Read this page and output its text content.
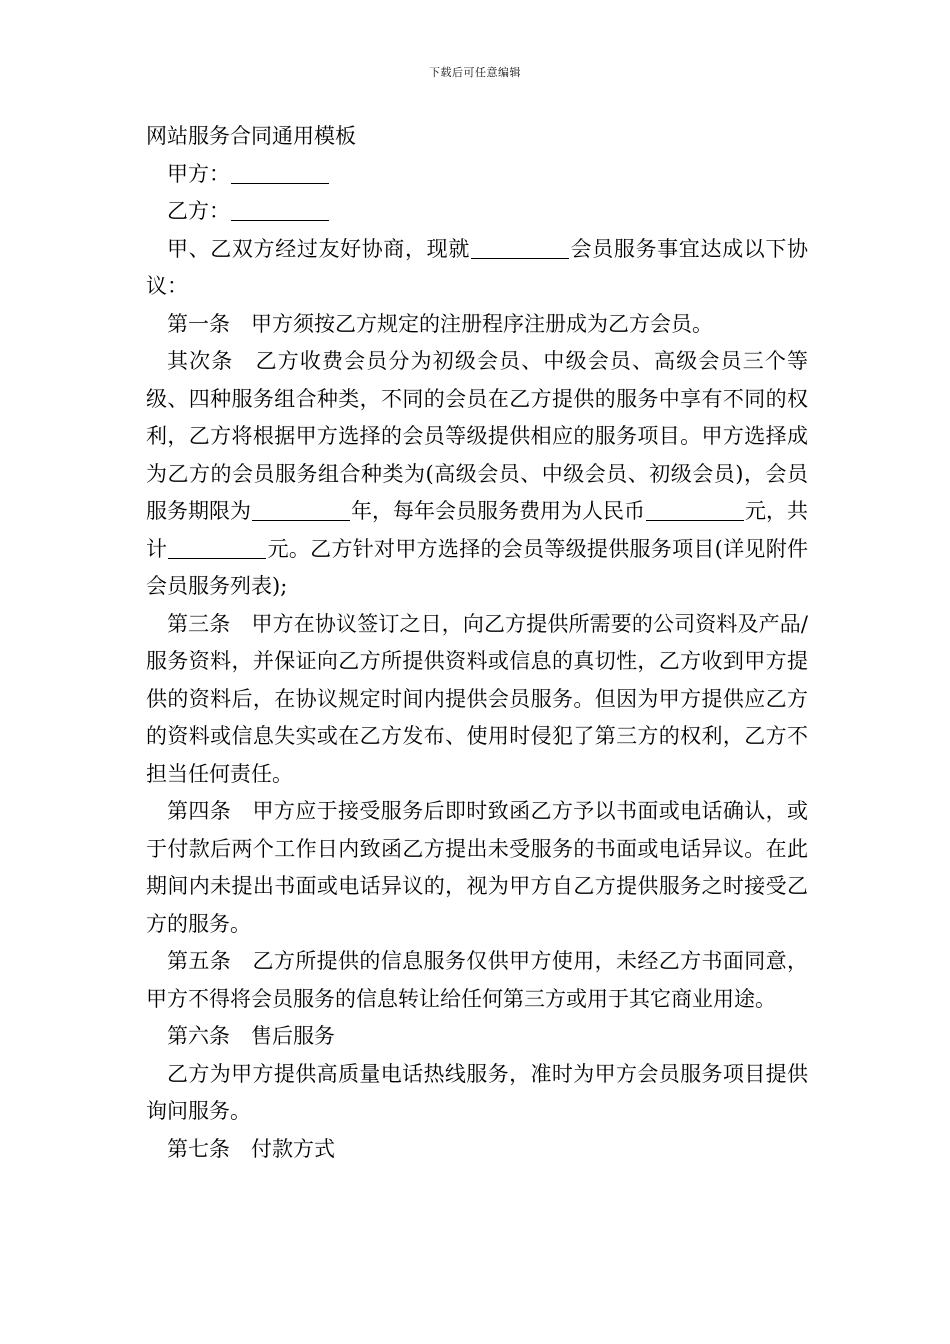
下载后可任意编辑

网站服务合同通用模板

甲方：

乙方：

甲、乙双方经过友好协商，现就	会员服务事宜达成以下协议：

第一条 甲方须按乙方规定的注册程序注册成为乙方会员。

其次条 乙方收费会员分为初级会员、中级会员、高级会员三个等级、四种服务组合种类，不同的会员在乙方提供的服务中享有不同的权利，乙方将根据甲方选择的会员等级提供相应的服务项目。甲方选择成为乙方的会员服务组合种类为(高级会员、中级会员、初级会员)，会员服务期限为	年，每年会员服务费用为人民币	元，共计	元。乙方针对甲方选择的会员等级提供服务项目(详见附件会员服务列表);

第三条 甲方在协议签订之日，向乙方提供所需要的公司资料及产品/服务资料，并保证向乙方所提供资料或信息的真切性，乙方收到甲方提供的资料后，在协议规定时间内提供会员服务。但因为甲方提供应乙方的资料或信息失实或在乙方发布、使用时侵犯了第三方的权利，乙方不担当任何责任。

第四条 甲方应于接受服务后即时致函乙方予以书面或电话确认，或于付款后两个工作日内致函乙方提出未受服务的书面或电话异议。在此期间内未提出书面或电话异议的，视为甲方自乙方提供服务之时接受乙方的服务。

第五条 乙方所提供的信息服务仅供甲方使用，未经乙方书面同意，甲方不得将会员服务的信息转让给任何第三方或用于其它商业用途。

第六条 售后服务

乙方为甲方提供高质量电话热线服务，准时为甲方会员服务项目提供询问服务。

第七条 付款方式
